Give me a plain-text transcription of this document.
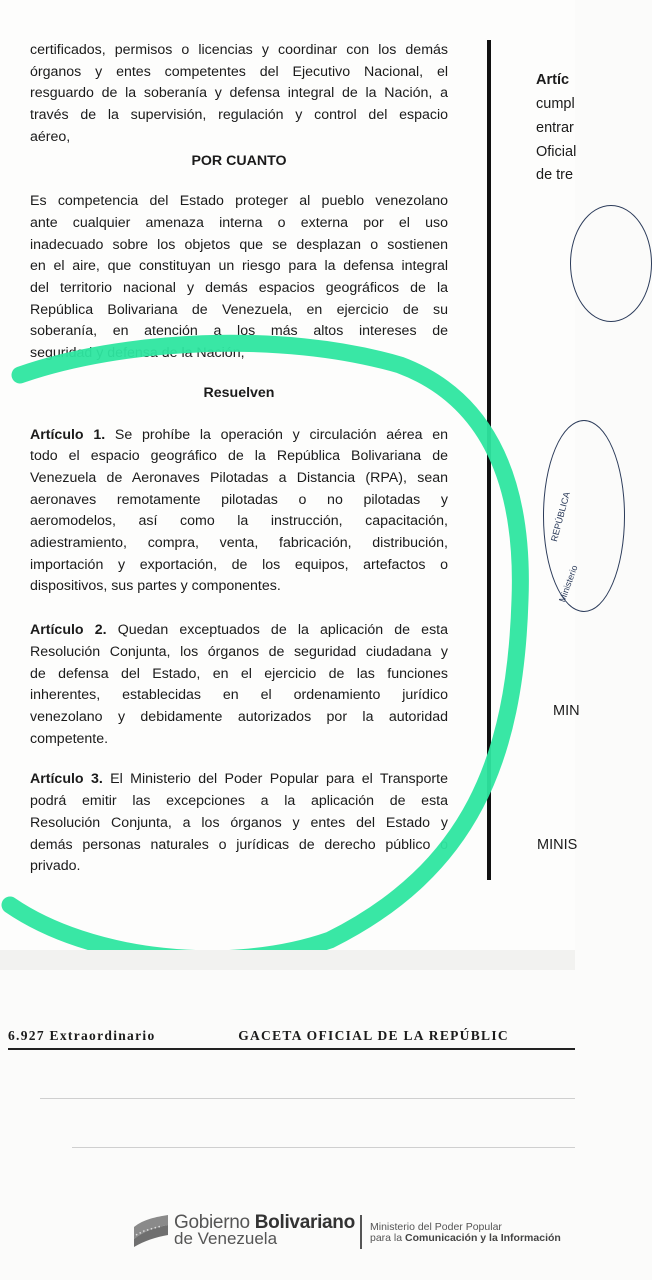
certificados, permisos o licencias y coordinar con los demás

órganos y entes competentes del Ejecutivo Nacional, el

resguardo de la soberanía y defensa integral de la Nación, a

través de la supervisión, regulación y control del espacio

aéreo,

POR CUANTO

Es competencia del Estado proteger al pueblo venezolano

ante cualquier amenaza interna o externa por el uso

inadecuado sobre los objetos que se desplazan o sostienen

en el aire, que constituyan un riesgo para la defensa integral

del territorio nacional y demás espacios geográficos de la

República Bolivariana de Venezuela, en ejercicio de su

soberanía, en atención a los más altos intereses de

seguridad y defensa de la Nación,

Resuelven

Artículo 1. Se prohíbe la operación y circulación aérea en

todo el espacio geográfico de la República Bolivariana de

Venezuela de Aeronaves Pilotadas a Distancia (RPA), sean

aeronaves remotamente pilotadas o no pilotadas y

aeromodelos, así como la instrucción, capacitación,

adiestramiento, compra, venta, fabricación, distribución,

importación y exportación, de los equipos, artefactos o

dispositivos, sus partes y componentes.

Artículo 2. Quedan exceptuados de la aplicación de esta

Resolución Conjunta, los órganos de seguridad ciudadana y

de defensa del Estado, en el ejercicio de las funciones

inherentes, establecidas en el ordenamiento jurídico

venezolano y debidamente autorizados por la autoridad

competente.

Artículo 3. El Ministerio del Poder Popular para el Transporte

podrá emitir las excepciones a la aplicación de esta

Resolución Conjunta, a los órganos y entes del Estado y

demás personas naturales o jurídicas de derecho público o

privado.

Artíc
cumpl
entrar
Oficial
de tre
REPÚBLICA
Ministerio
MIN
MINIS
6.927 Extraordinario	GACETA OFICIAL DE LA REPÚBLIC
Gobierno Bolivariano
de Venezuela
Ministerio del Poder Popular
para la Comunicación y la Información
